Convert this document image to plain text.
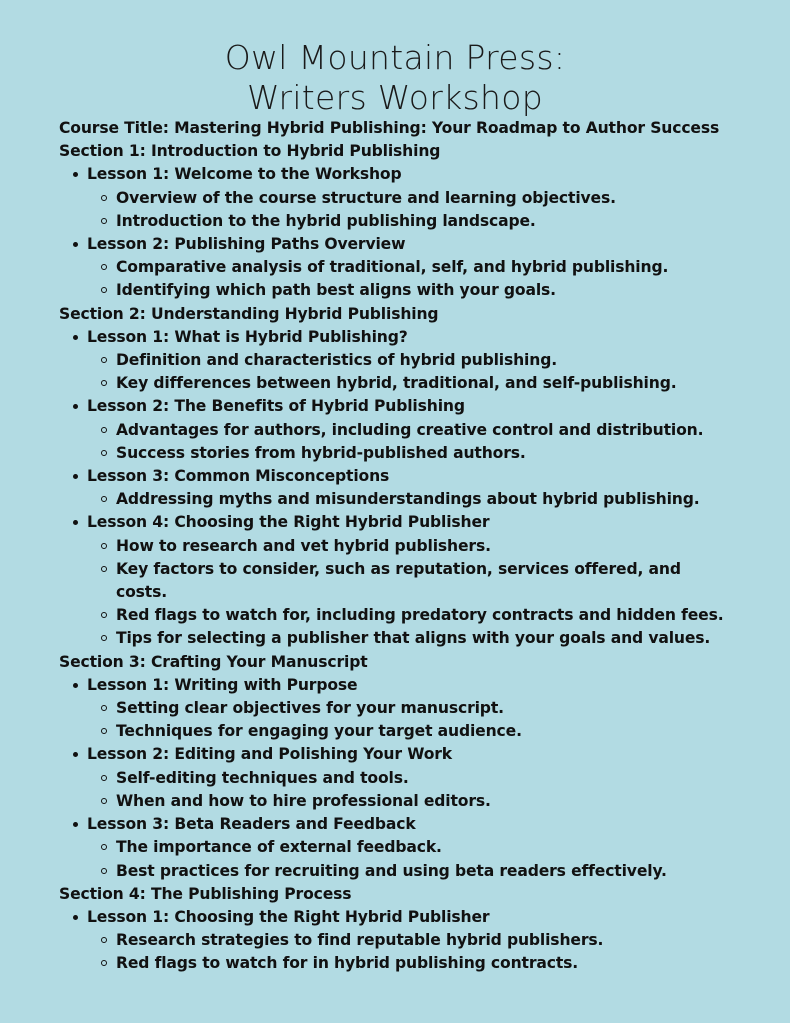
Owl Mountain Press:
Writers Workshop
Course Title: Mastering Hybrid Publishing: Your Roadmap to Author Success
Section 1: Introduction to Hybrid Publishing
Lesson 1: Welcome to the Workshop
Overview of the course structure and learning objectives.
Introduction to the hybrid publishing landscape.
Lesson 2: Publishing Paths Overview
Comparative analysis of traditional, self, and hybrid publishing.
Identifying which path best aligns with your goals.
Section 2: Understanding Hybrid Publishing
Lesson 1: What is Hybrid Publishing?
Definition and characteristics of hybrid publishing.
Key differences between hybrid, traditional, and self-publishing.
Lesson 2: The Benefits of Hybrid Publishing
Advantages for authors, including creative control and distribution.
Success stories from hybrid-published authors.
Lesson 3: Common Misconceptions
Addressing myths and misunderstandings about hybrid publishing.
Lesson 4: Choosing the Right Hybrid Publisher
How to research and vet hybrid publishers.
Key factors to consider, such as reputation, services offered, and costs.
Red flags to watch for, including predatory contracts and hidden fees.
Tips for selecting a publisher that aligns with your goals and values.
Section 3: Crafting Your Manuscript
Lesson 1: Writing with Purpose
Setting clear objectives for your manuscript.
Techniques for engaging your target audience.
Lesson 2: Editing and Polishing Your Work
Self-editing techniques and tools.
When and how to hire professional editors.
Lesson 3: Beta Readers and Feedback
The importance of external feedback.
Best practices for recruiting and using beta readers effectively.
Section 4: The Publishing Process
Lesson 1: Choosing the Right Hybrid Publisher
Research strategies to find reputable hybrid publishers.
Red flags to watch for in hybrid publishing contracts.
